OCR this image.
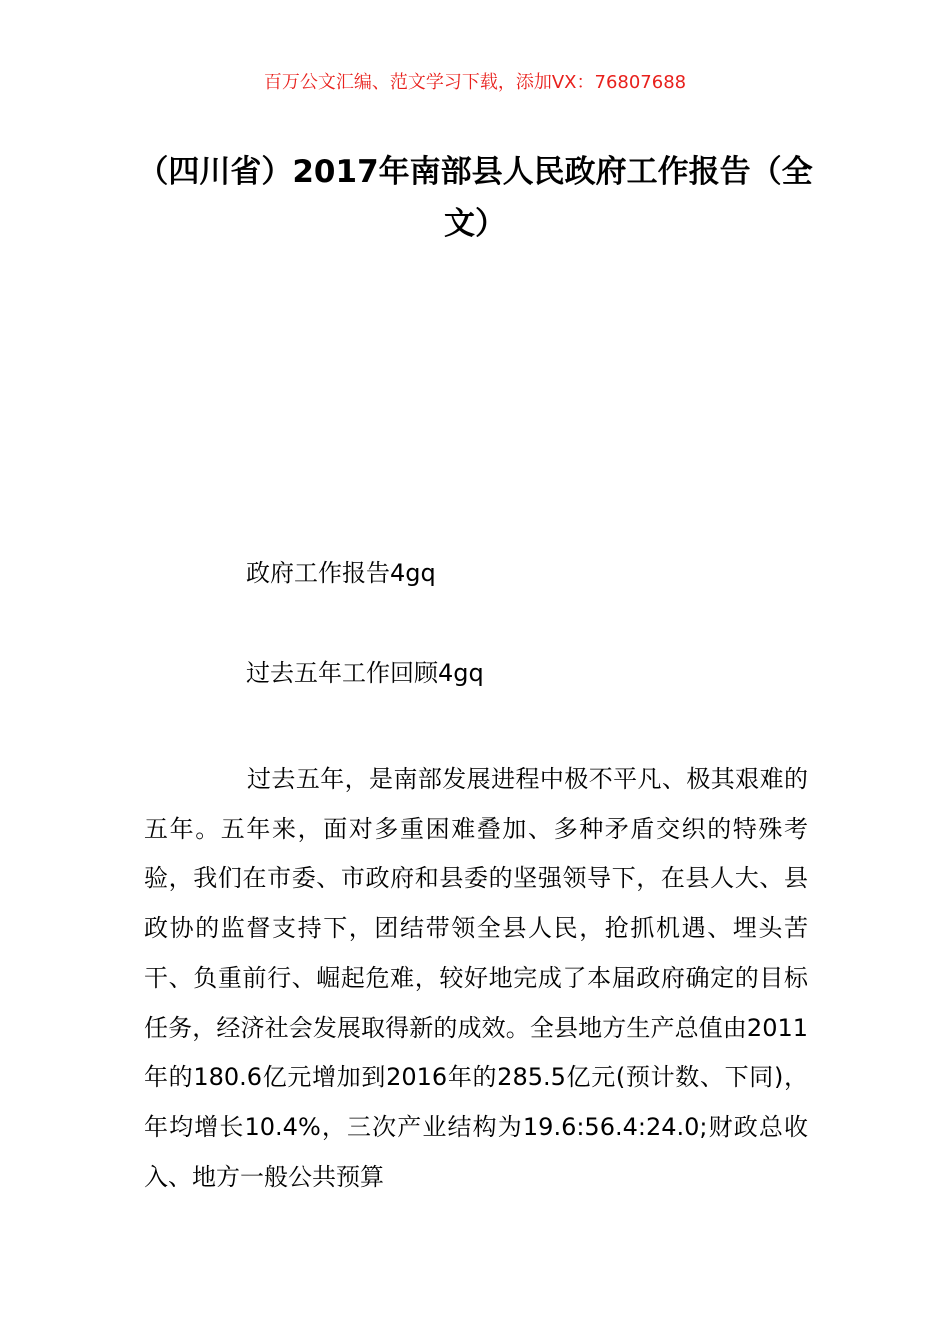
百万公文汇编、范文学习下载，添加VX：76807688
（四川省）2017年南部县人民政府工作报告（全文）
政府工作报告4gq
过去五年工作回顾4gq
过去五年，是南部发展进程中极不平凡、极其艰难的五年。五年来，面对多重困难叠加、多种矛盾交织的特殊考验，我们在市委、市政府和县委的坚强领导下，在县人大、县政协的监督支持下，团结带领全县人民，抢抓机遇、埋头苦干、负重前行、崛起危难，较好地完成了本届政府确定的目标任务，经济社会发展取得新的成效。全县地方生产总值由2011年的180.6亿元增加到2016年的285.5亿元(预计数、下同)，年均增长10.4%，三次产业结构为19.6:56.4:24.0;财政总收入、地方一般公共预算
